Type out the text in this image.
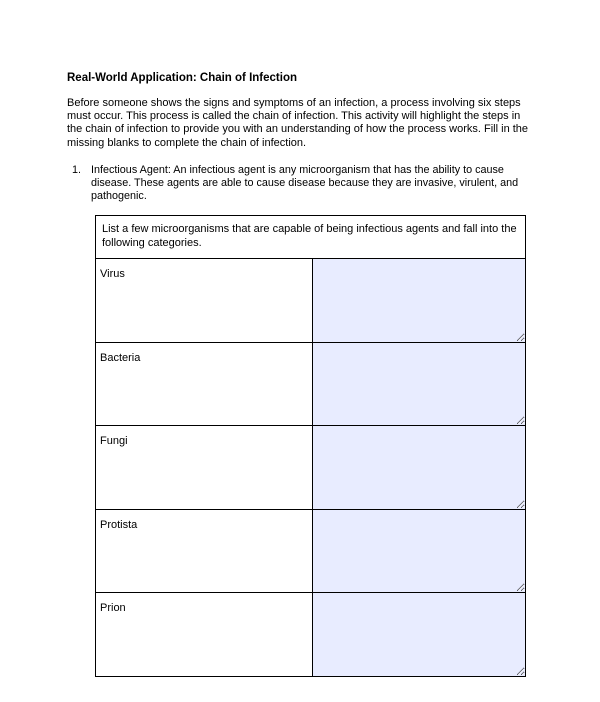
Real-World Application: Chain of Infection

Before someone shows the signs and symptoms of an infection, a process involving six steps must occur. This process is called the chain of infection. This activity will highlight the steps in the chain of infection to provide you with an understanding of how the process works. Fill in the missing blanks to complete the chain of infection.

1. Infectious Agent: An infectious agent is any microorganism that has the ability to cause disease. These agents are able to cause disease because they are invasive, virulent, and pathogenic.
List a few microorganisms that are capable of being infectious agents and fall into the following categories.
Virus
Bacteria
Fungi
Protista
Prion
